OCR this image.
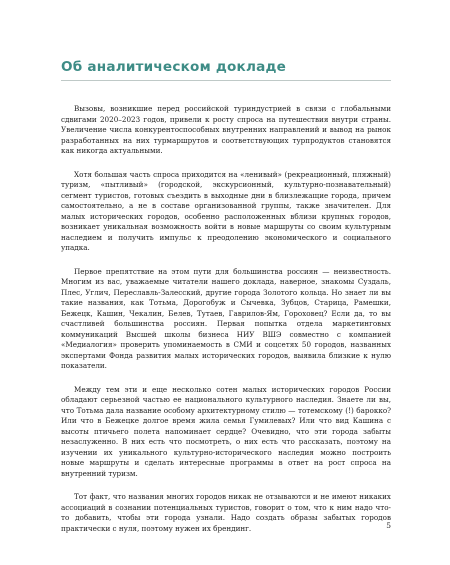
Об аналитическом докладе

Вызовы, возникшие перед российской туриндустрией в связи с глобальными сдвигами 2020–2023 годов, привели к росту спроса на путешествия внутри страны. Увеличение числа конкурентоспособных внутренних направлений и вывод на рынок разработанных на них турмаршрутов и соответствующих турпродуктов становятся как никогда актуальными.

Хотя большая часть спроса приходится на «ленивый» (рекреационный, пляжный) туризм, «пытливый» (городской, экскурсионный, культурно-познавательный) сегмент туристов, готовых съездить в выходные дни в близлежащие города, причем самостоятельно, а не в составе организованной группы, также значителен. Для малых исторических городов, особенно расположенных вблизи крупных городов, возникает уникальная возможность войти в новые маршруты со своим культурным наследием и получить импульс к преодолению экономического и социального упадка.

Первое препятствие на этом пути для большинства россиян — неизвестность. Многим из вас, уважаемые читатели нашего доклада, наверное, знакомы Суздаль, Плес, Углич, Переславль-Залесский, другие города Золотого кольца. Но знает ли вы такие названия, как Тотьма, Дорогобуж и Сычевка, Зубцов, Старица, Рамешки, Бежецк, Кашин, Чекалин, Белев, Тутаев, Гаврилов-Ям, Гороховец? Если да, то вы счастливей большинства россиян. Первая попытка отдела маркетинговых коммуникаций Высшей школы бизнеса НИУ ВШЭ совместно с компанией «Медиалогия» проверить упоминаемость в СМИ и соцсетях 50 городов, названных экспертами Фонда развития малых исторических городов, выявила близкие к нулю показатели.

Между тем эти и еще несколько сотен малых исторических городов России обладают серьезной частью ее национального культурного наследия. Знаете ли вы, что Тотьма дала название особому архитектурному стилю — тотемскому (!) барокко? Или что в Бежецке долгое время жила семья Гумилевых? Или что вид Кашина с высоты птичьего полета напоминает сердце? Очевидно, что эти города забыты незаслуженно. В них есть что посмотреть, о них есть что рассказать, поэтому на изучении их уникального культурно-исторического наследия можно построить новые маршруты и сделать интересные программы в ответ на рост спроса на внутренний туризм.

Тот факт, что названия многих городов никак не отзываются и не имеют никаких ассоциаций в сознании потенциальных туристов, говорит о том, что к ним надо что-то добавить, чтобы эти города узнали. Надо создать образы забытых городов практически с нуля, поэтому нужен их брендинг.	5
